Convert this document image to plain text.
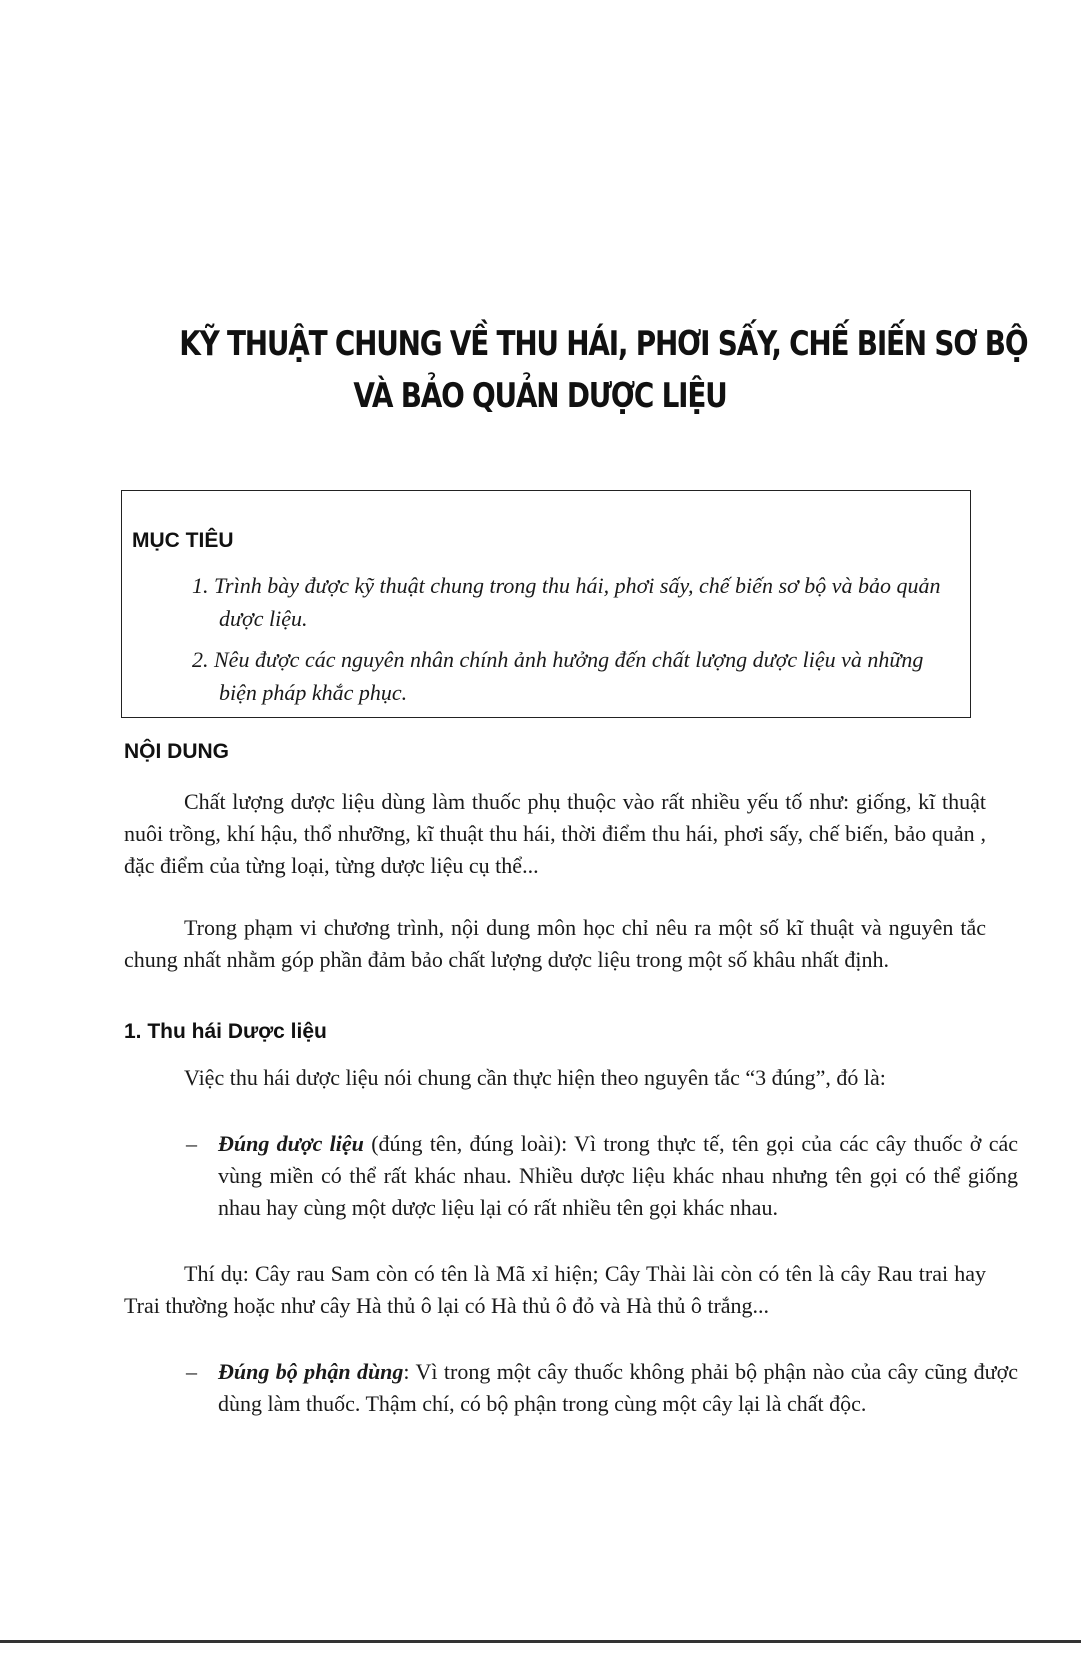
KỸ THUẬT CHUNG VỀ THU HÁI, PHƠI SẤY, CHẾ BIẾN SƠ BỘ
VÀ BẢO QUẢN DƯỢC LIỆU
MỤC TIÊU
1. Trình bày được kỹ thuật chung trong thu hái, phơi sấy, chế biến sơ bộ và bảo quản dược liệu.
2. Nêu được các nguyên nhân chính ảnh hưởng đến chất lượng dược liệu và những biện pháp khắc phục.
NỘI DUNG

Chất lượng dược liệu dùng làm thuốc phụ thuộc vào rất nhiều yếu tố như: giống, kĩ thuật nuôi trồng, khí hậu, thổ nhưỡng, kĩ thuật thu hái, thời điểm thu hái, phơi sấy, chế biến, bảo quản , đặc điểm của từng loại, từng dược liệu cụ thể...

Trong phạm vi chương trình, nội dung môn học chỉ nêu ra một số kĩ thuật và nguyên tắc chung nhất nhằm góp phần đảm bảo chất lượng dược liệu trong một số khâu nhất định.

1. Thu hái Dược liệu

Việc thu hái dược liệu nói chung cần thực hiện theo nguyên tắc “3 đúng”, đó là:

– Đúng dược liệu (đúng tên, đúng loài): Vì trong thực tế, tên gọi của các cây thuốc ở các vùng miền có thể rất khác nhau. Nhiều dược liệu khác nhau nhưng tên gọi có thể giống nhau hay cùng một dược liệu lại có rất nhiều tên gọi khác nhau.

Thí dụ: Cây rau Sam còn có tên là Mã xỉ hiện; Cây Thài lài còn có tên là cây Rau trai hay Trai thường hoặc như cây Hà thủ ô lại có Hà thủ ô đỏ và Hà thủ ô trắng...

– Đúng bộ phận dùng: Vì trong một cây thuốc không phải bộ phận nào của cây cũng được dùng làm thuốc. Thậm chí, có bộ phận trong cùng một cây lại là chất độc.
